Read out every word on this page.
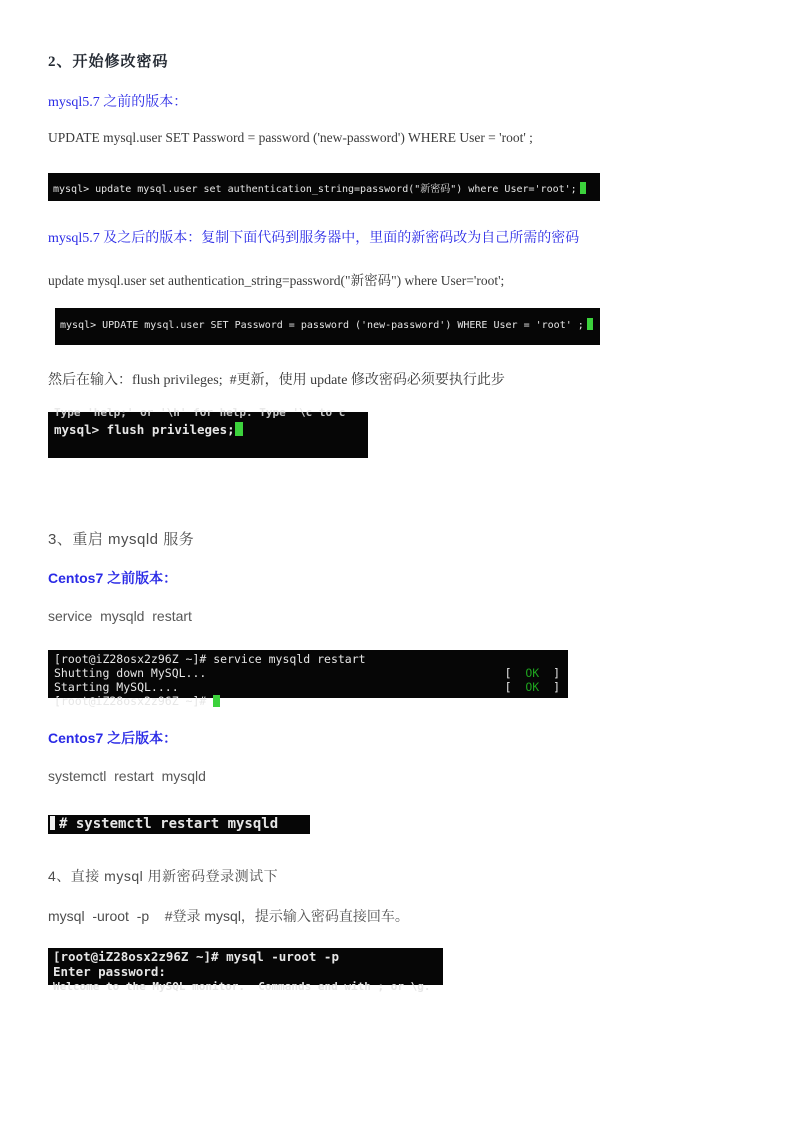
2、开始修改密码
mysql5.7 之前的版本：
UPDATE mysql.user SET Password = password ('new-password') WHERE User = 'root' ;
mysql> update mysql.user set authentication_string=password("新密码") where User='root';
mysql5.7 及之后的版本：复制下面代码到服务器中，里面的新密码改为自己所需的密码
update mysql.user set authentication_string=password("新密码") where User='root';
mysql> UPDATE mysql.user SET Password = password ('new-password') WHERE User = 'root' ;
然后在输入：flush privileges;  #更新，使用 update 修改密码必须要执行此步
Type 'help;' or '\h' for help. Type '\c to c
mysql> flush privileges;
3、重启 mysqld 服务
Centos7 之前版本：
service  mysqld  restart
[root@iZ28osx2z96Z ~]# service mysqld restart
Shutting down MySQL...	[  OK  ]
Starting MySQL....	[  OK  ]
[root@iZ28osx2z96Z ~]#
Centos7 之后版本：
systemctl  restart  mysqld
# systemctl restart mysqld
4、直接 mysql 用新密码登录测试下
mysql  -uroot  -p    #登录 mysql，提示输入密码直接回车。
[root@iZ28osx2z96Z ~]# mysql -uroot -p
Enter password:
Welcome to the MySQL monitor.  Commands end with ; or \g.
